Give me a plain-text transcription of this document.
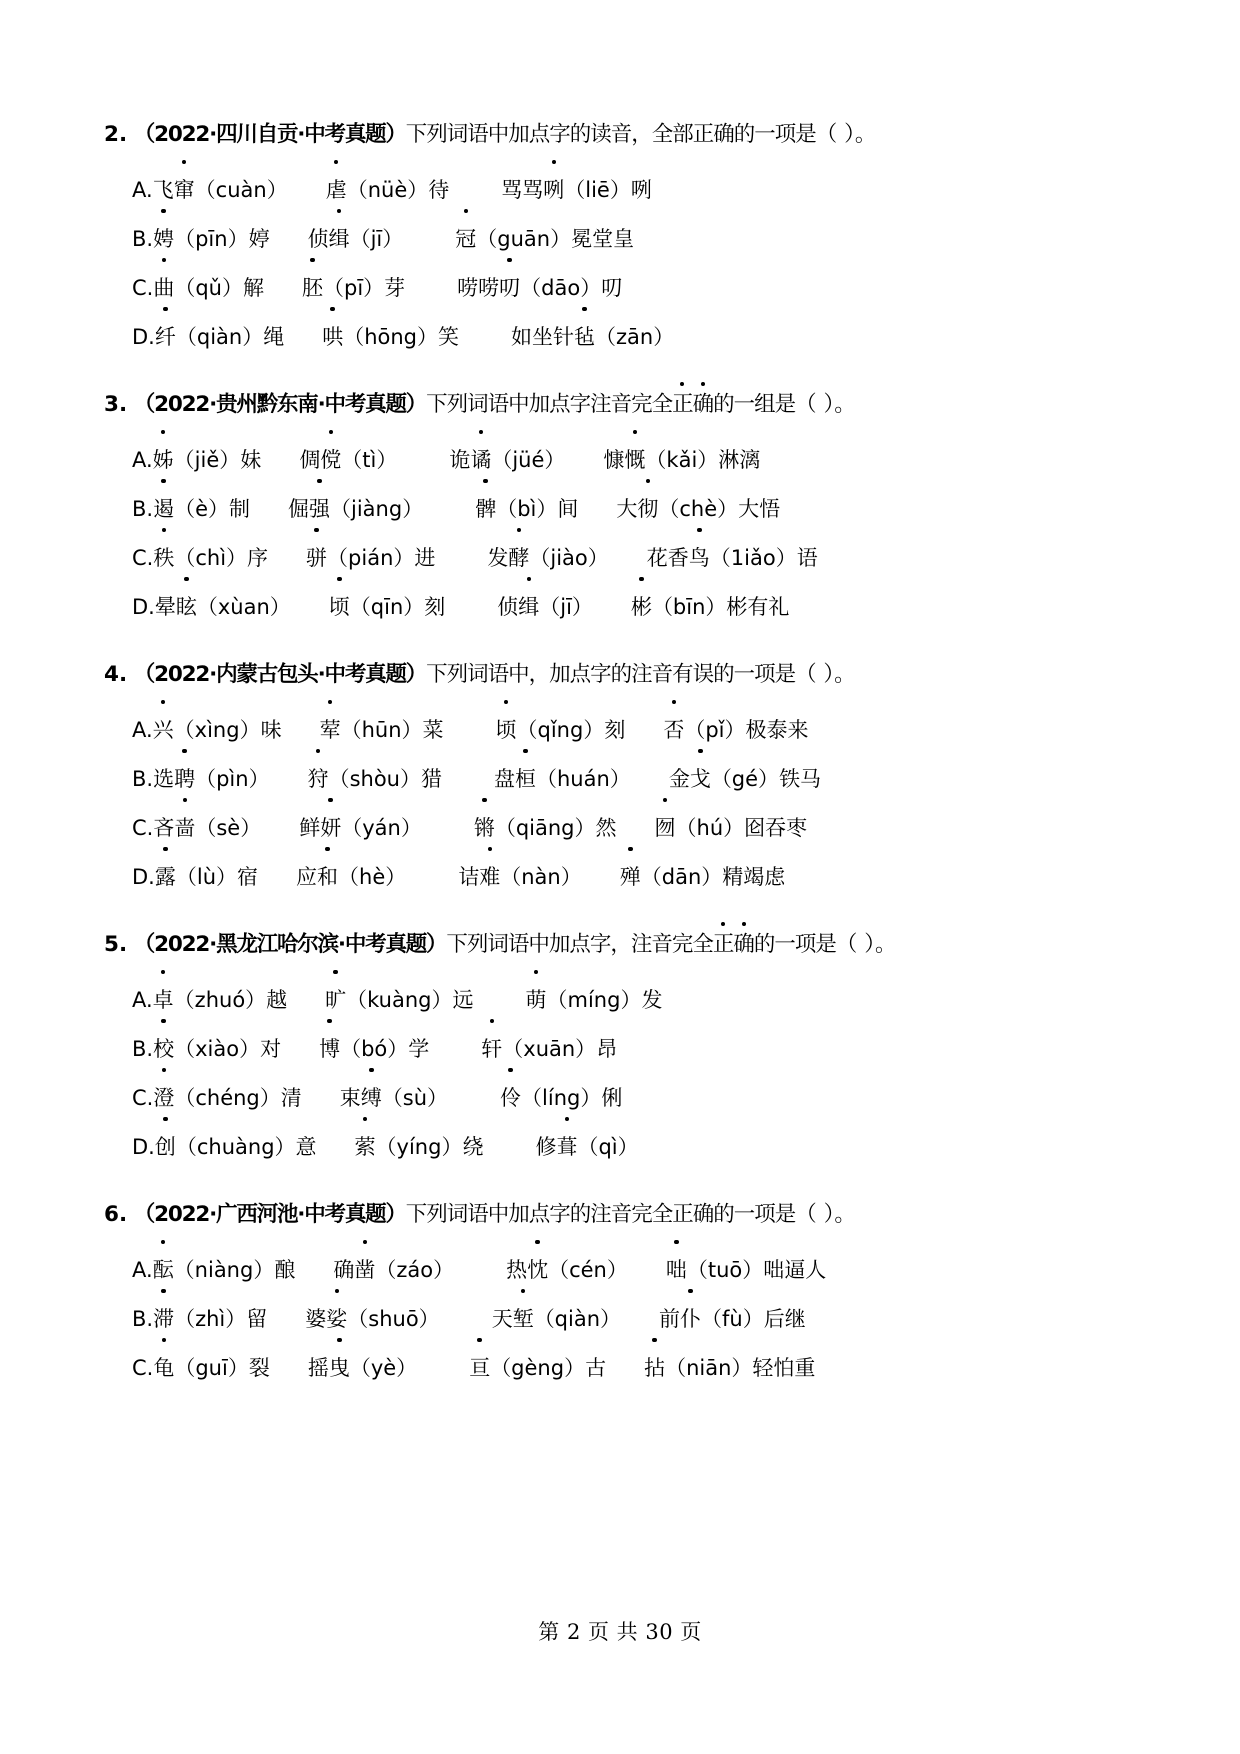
2. （2022·四川自贡·中考真题）下列词语中加点字的读音，全部正确的一项是（ ）。
A.飞窜（cuàn） 虐（nüè）待 骂骂咧（liē）咧
B.娉（pīn）婷 侦缉（jī） 冠（guān）冕堂皇
C.曲（qǔ）解 胚（pī）芽 唠唠叨（dāo）叨
D.纤（qiàn）绳 哄（hōng）笑 如坐针毡（zān）
3. （2022·贵州黔东南·中考真题）下列词语中加点字注音完全正确的一组是（ ）。
A.姊（jiě）妹 倜傥（tì） 诡谲（jüé） 慷慨（kǎi）淋漓
B.遏（è）制 倔强（jiàng） 髀（bì）间 大彻（chè）大悟
C.秩（chì）序 骈（pián）进 发酵（jiào） 花香鸟（1iǎo）语
D.晕眩（xùan） 顷（qīn）刻 侦缉（jī） 彬（bīn）彬有礼
4. （2022·内蒙古包头·中考真题）下列词语中，加点字的注音有误的一项是（ ）。
A.兴（xìng）味 荤（hūn）菜 顷（qǐng）刻 否（pǐ）极泰来
B.选聘（pìn） 狩（shòu）猎 盘桓（huán） 金戈（gé）铁马
C.吝啬（sè） 鲜妍（yán） 锵（qiāng）然 囫（hú）囵吞枣
D.露（lù）宿 应和（hè） 诘难（nàn） 殚（dān）精竭虑
5. （2022·黑龙江哈尔滨·中考真题）下列词语中加点字，注音完全正确的一项是（ ）。
A.卓（zhuó）越 旷（kuàng）远 萌（míng）发
B.校（xiào）对 博（bó）学 轩（xuān）昂
C.澄（chéng）清 束缚（sù） 伶（líng）俐
D.创（chuàng）意 萦（yíng）绕 修葺（qì）
6. （2022·广西河池·中考真题）下列词语中加点字的注音完全正确的一项是（ ）。
A.酝（niàng）酿 确凿（záo） 热忱（cén） 咄（tuō）咄逼人
B.滞（zhì）留 婆娑（shuō） 天堑（qiàn） 前仆（fù）后继
C.龟（guī）裂 摇曳（yè） 亘（gèng）古 拈（niān）轻怕重
第 2 页 共 30 页
